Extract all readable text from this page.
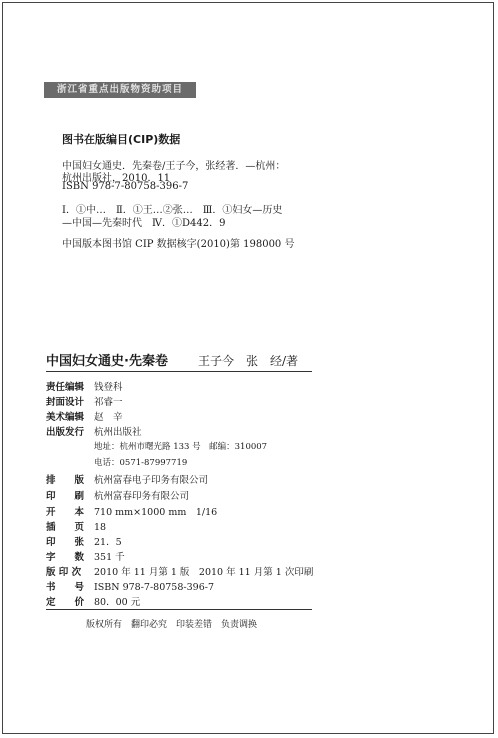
浙江省重点出版物资助项目
图书在版编目(CIP)数据
中国妇女通史．先秦卷/王子今，张经著．—杭州：
杭州出版社，2010．11
ISBN 978-7-80758-396-7
Ⅰ．①中…　Ⅱ．①王…②张…　Ⅲ．①妇女—历史
—中国—先秦时代　Ⅳ．①D442．9
中国版本图书馆 CIP 数据核字(2010)第 198000 号
中国妇女通史·先秦卷	王子今　张　经/著
责任编辑 钱登科
封面设计 祁睿一
美术编辑 赵　辛
出版发行 杭州出版社
地址：杭州市曙光路 133 号　邮编：310007
电话：0571-87997719
排　　版 杭州富春电子印务有限公司
印　　刷 杭州富春印务有限公司
开　　本 710 mm×1000 mm　1/16
插　　页 18
印　　张 21．5
字　　数 351 千
版 印 次 2010 年 11 月第 1 版　2010 年 11 月第 1 次印刷
书　　号 ISBN 978-7-80758-396-7
定　　价 80．00 元
版权所有　翻印必究　印装差错　负责调换
